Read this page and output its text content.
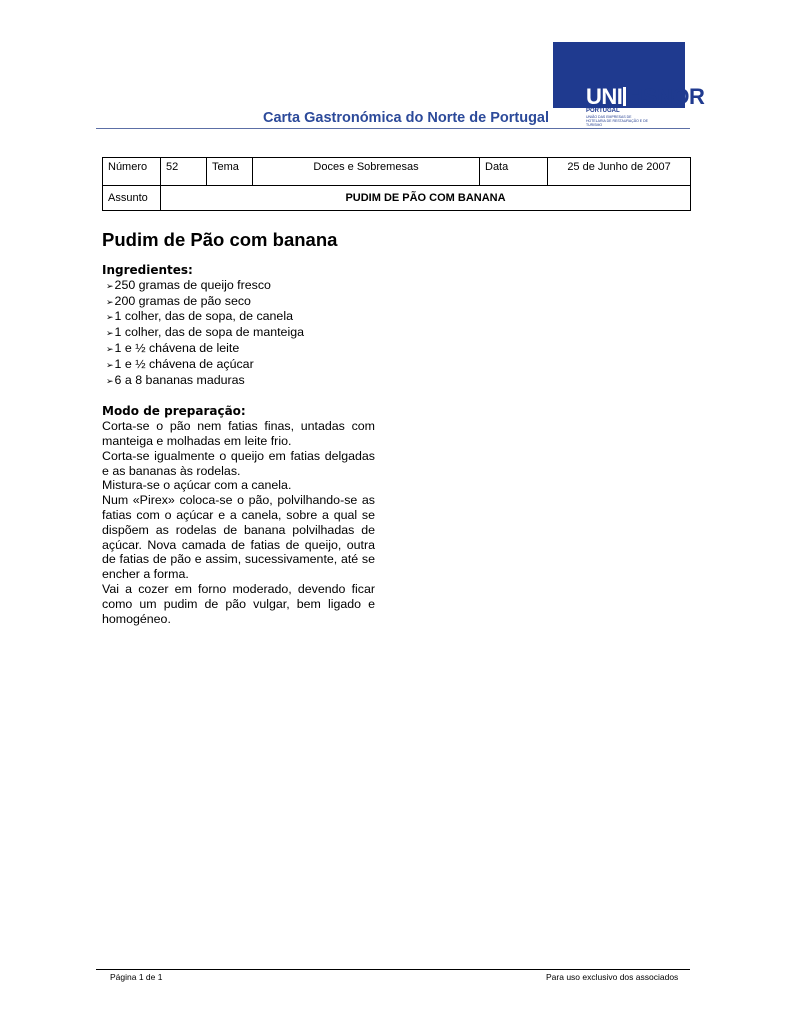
UNI HSNOR
PORTUGAL
UNIÃO DAS EMPRESAS DE HOTELARIA DE RESTAURAÇÃO E DE TURISMO
Carta Gastronómica do Norte de Portugal
Número	52	Tema	Doces e Sobremesas	Data	25 de Junho de 2007
Assunto	PUDIM DE PÃO COM BANANA				
Pudim de Pão com banana
Ingredientes:
➢250 gramas de queijo fresco
➢200 gramas de pão seco
➢1 colher, das de sopa, de canela
➢1 colher, das de sopa de manteiga
➢1 e ½ chávena de leite
➢1 e ½ chávena de açúcar
➢6 a 8 bananas maduras
Modo de preparação:

Corta-se o pão nem fatias finas, untadas com manteiga e molhadas em leite frio.

Corta-se igualmente o queijo em fatias delgadas e as bananas às rodelas.

Mistura-se o açúcar com a canela.

Num «Pirex» coloca-se o pão, polvilhando-se as fatias com o açúcar e a canela, sobre a qual se dispõem as rodelas de banana polvilhadas de açúcar. Nova camada de fatias de queijo, outra de fatias de pão e assim, sucessivamente, até se encher a forma.

Vai a cozer em forno moderado, devendo ficar como um pudim de pão vulgar, bem ligado e homogéneo.

Página 1 de 1	Para uso exclusivo dos associados
